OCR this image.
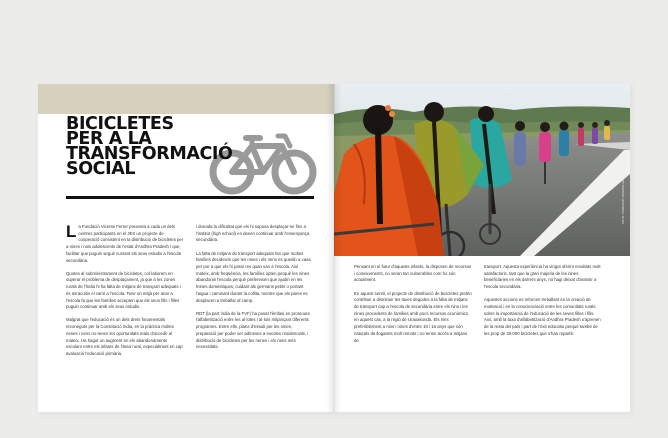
BICICLETES
PER A LA
TRANSFORMACIÓ
SOCIAL

La Fundació Vicente Ferrer presenta a cada un dels centres participants en el JES un projecte de cooperació consistent en la distribució de bicicletes per a nines i nois adolescents de l'estat d'Andhra Pradesh i que, facilitar que puguin seguir cursant els seus estudis a l'escola secundària.

Quotes al subministrament de bicicletes, col·laborem en superar el problema de desplaçament, ja que a les zones rurals de l'Índia hi ha falta de mitjans de transport adequats i és miraculós el camí a l'escola. Tenir un mitjà per anar a l'escola fa que les famílies accepten que els seus fills i filles puguin continuar amb els seus estudis.

Malgrat que l'educació és un dels drets fonamentals reconeguts per la Constitució índia, en la pràctica moltes nenes i nens no tenen les oportunitats reals d'accedir al mateix. Ha hagut un augment en els abandonaments escolars entre els infants de l'àrea rural, especialment en cap avaluació l'educació primària.

i donada la dificultat que els hi suposa desplaçar-se fins a l'institut (high school) en desen continuar amb l'ensenyança secundària.

La falta de mitjans de transport adequats fan que moltes famílies decideixin que les nines i els nens es quedin a casa per por a que els hi passi res quan van a l'escola. Així mateix, amb freqüència, les famílies opten perquè les nines abandonin l'escola perquè prefereixen que ajudin en les feines domèstiques, cuidant als germans petits o portant l'aigua i caminant durant la collita, mentre que els pares es desplacen a treballar al camp.

RDT (la part índia de la FVF) ha posat l'èmfasi en promoure l'alfabetització entre les al·lotes i al·lots mitjançant diferents programes. Entre ells, plans d'estudi per les nines, preparació per poder ser admeses a escoles residencials, i distribució de bicicletes per les nenes i els nens més necessitats.

FOTO: FUNDACIÓ VICENTE FERRER

Pensant en el futur d'aquests infants, la disposen de recursos i coneixements, no seran tan vulnerables com ho són actualment.

En aquest sentit, el projecte de distribució de bicicletes pretén contribuir a disminuir les taxes degudes a la falta de mitjans de transport cap a l'escola de secundària entre els nins i les nines procedents de famílies amb pocs recursos econòmics, en aquest cas, a la regió de Uravakonda. Els nins preferiblement a nins i nines d'entre 10 i 16 anys que són naturals de llogarets molt remots i no tenen accés a mitjans de

transport. Aquesta experiència ha vingut oferint resultats molt satisfactoris, tant que la gran majoria de les nines beneficiàries en els darrers anys, no hagi deixat d'assistir a l'escola secundària.

Aquestes accions es reforcen treballant en la creació de motivació i en la conscienciació entre les comunitats rurals sobre la importància de l'educació de les seves filles i fills. Així, amb la taxa d'alfabetització d'Andhra Pradesh s'aprenen de la resta del país i part de l'èxit educatiu perquè també de les prop de 20.000 bicicletes que s'han repartit.
